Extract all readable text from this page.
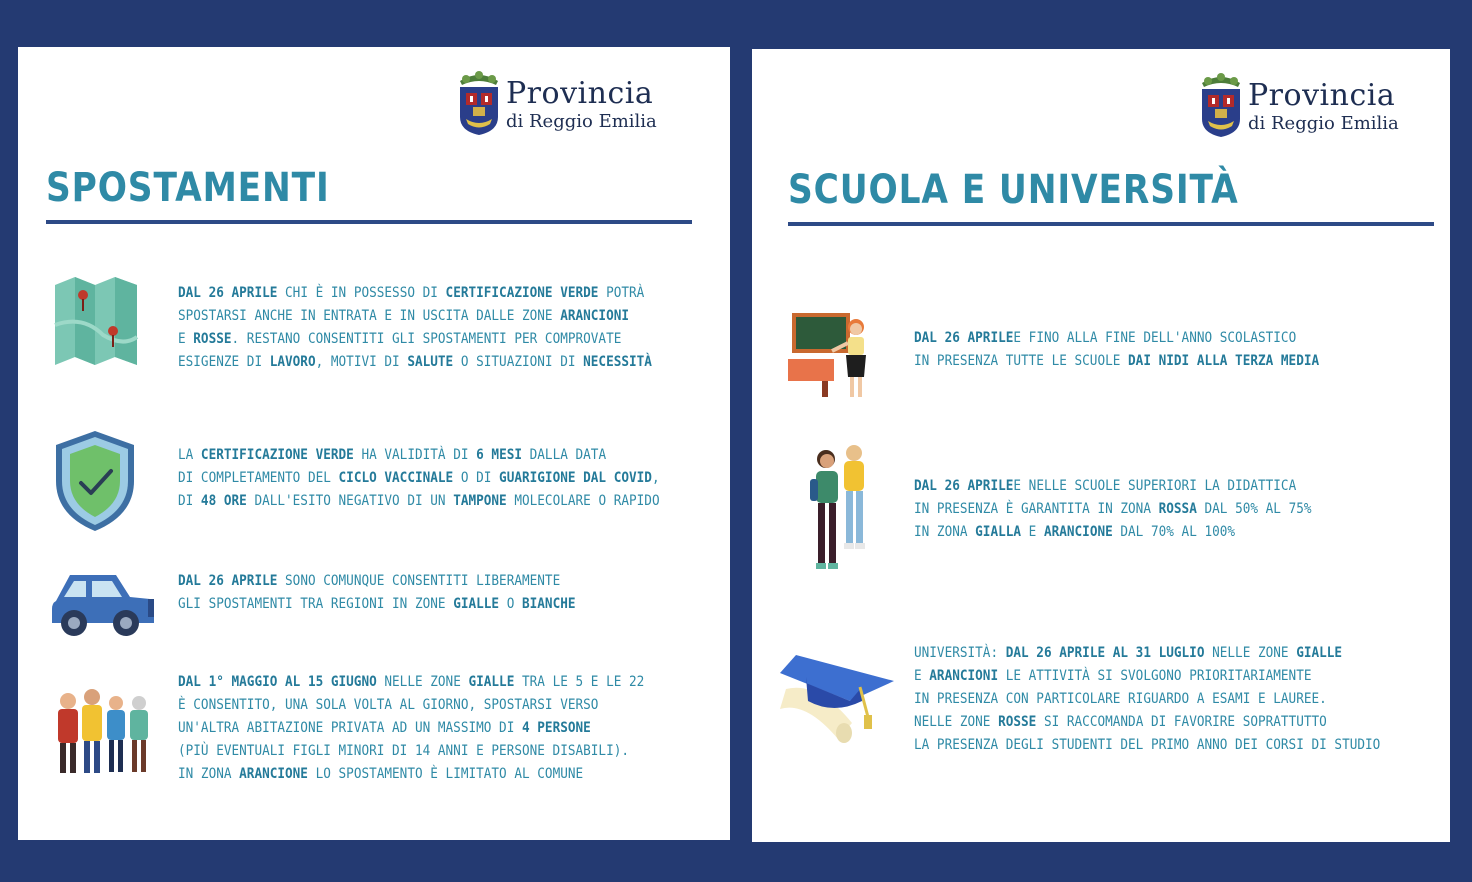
Provincia
di Reggio Emilia
SPOSTAMENTI
DAL 26 APRILE CHI È IN POSSESSO DI CERTIFICAZIONE VERDE POTRÀ
SPOSTARSI ANCHE IN ENTRATA E IN USCITA DALLE ZONE ARANCIONI
E ROSSE. RESTANO CONSENTITI GLI SPOSTAMENTI PER COMPROVATE
ESIGENZE DI LAVORO, MOTIVI DI SALUTE O SITUAZIONI DI NECESSITÀ
LA CERTIFICAZIONE VERDE HA VALIDITÀ DI 6 MESI DALLA DATA
DI COMPLETAMENTO DEL CICLO VACCINALE O DI GUARIGIONE DAL COVID,
DI 48 ORE DALL'ESITO NEGATIVO DI UN TAMPONE MOLECOLARE O RAPIDO
DAL 26 APRILE SONO COMUNQUE CONSENTITI LIBERAMENTE
GLI SPOSTAMENTI TRA REGIONI IN ZONE GIALLE O BIANCHE
DAL 1° MAGGIO AL 15 GIUGNO NELLE ZONE GIALLE TRA LE 5 E LE 22
È CONSENTITO, UNA SOLA VOLTA AL GIORNO, SPOSTARSI VERSO
UN'ALTRA ABITAZIONE PRIVATA AD UN MASSIMO DI 4 PERSONE
(PIÙ EVENTUALI FIGLI MINORI DI 14 ANNI E PERSONE DISABILI).
IN ZONA ARANCIONE LO SPOSTAMENTO È LIMITATO AL COMUNE
Provincia
di Reggio Emilia
SCUOLA E UNIVERSITÀ
DAL 26 APRILEE FINO ALLA FINE DELL'ANNO SCOLASTICO
IN PRESENZA TUTTE LE SCUOLE DAI NIDI ALLA TERZA MEDIA
DAL 26 APRILEE NELLE SCUOLE SUPERIORI LA DIDATTICA
IN PRESENZA È GARANTITA IN ZONA ROSSA DAL 50% AL 75%
IN ZONA GIALLA E ARANCIONE DAL 70% AL 100%
UNIVERSITÀ: DAL 26 APRILE AL 31 LUGLIO NELLE ZONE GIALLE
E ARANCIONI LE ATTIVITÀ SI SVOLGONO PRIORITARIAMENTE
IN PRESENZA CON PARTICOLARE RIGUARDO A ESAMI E LAUREE.
NELLE ZONE ROSSE SI RACCOMANDA DI FAVORIRE SOPRATTUTTO
LA PRESENZA DEGLI STUDENTI DEL PRIMO ANNO DEI CORSI DI STUDIO
